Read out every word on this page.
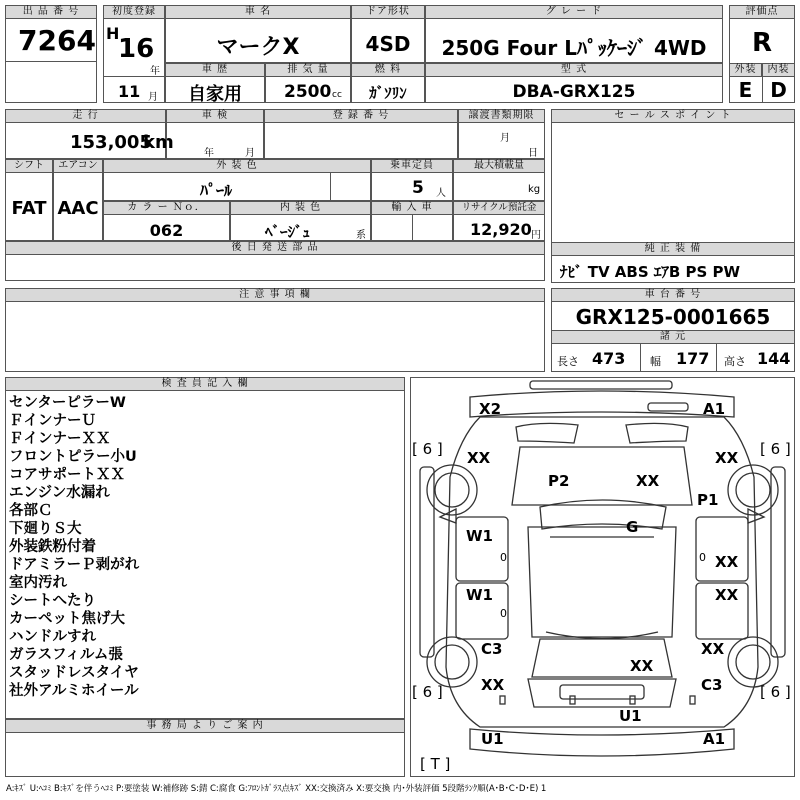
出 品 番 号
7264
初度登録
H
16
年
11 月
車 名
マークX
ドア形状
4SD
グ レ ー ド
250G Four Lﾊﾟｯｹｰｼﾞ 4WD
評価点
R
外装	内装
E D
車 歴
自家用
排 気 量
2500 cc
燃 料
ｶﾞｿﾘﾝ
型 式
DBA-GRX125
走 行
153,005
km
車 検
年	月
登 録 番 号	譲渡書類期限
月
日
シフト
FAT
エアコン
AAC
外 装 色
ﾊﾟｰﾙ
乗車定員
5 人
最大積載量
kg
カ ラ ー Ｎｏ．
062
内 装 色
ﾍﾞｰｼﾞｭ	系
輸 入 車	リサイクル預託金
12,920 円
後 日 発 送 部 品
セ ー ル ス ポ イ ン ト
純 正 装 備
ﾅﾋﾞ TV ABS ｴｱB PS PW
注 意 事 項 欄	車 台 番 号
GRX125-0001665
諸 元
長さ 473 幅 177 高さ 144
検 査 員 記 入 欄
センターピラーW
ＦインナーＵ
ＦインナーＸＸ
フロントピラー小U
コアサポートＸＸ
エンジン水漏れ
各部Ｃ
下廻りＳ大
外装鉄粉付着
ドアミラーＰ剥がれ
室内汚れ
シートへたり
カーペット焦げ大
ハンドルすれ
ガラスフィルム張
スタッドレスタイヤ
社外アルミホイール
事 務 局 よ り ご 案 内
[ 6 ]	[ 6 ]
[ 6 ]	[ 6 ]
[ T ]
X2	A1
XX	XX
P2	XX
P1
G
W1
0	0 XX
W1
0
XX
C3	XX
XX
XX	C3
U1
U1	A1
A:ｷｽﾞ U:ﾍｺﾐ B:ｷｽﾞを伴うﾍｺﾐ P:要塗装 W:補修跡 S:錆 C:腐食 G:ﾌﾛﾝﾄｶﾞﾗｽ点ｷｽﾞ XX:交換済み X:要交換 内･外装評価 5段階ﾗﾝｸ順(A･B･C･D･E) 1
